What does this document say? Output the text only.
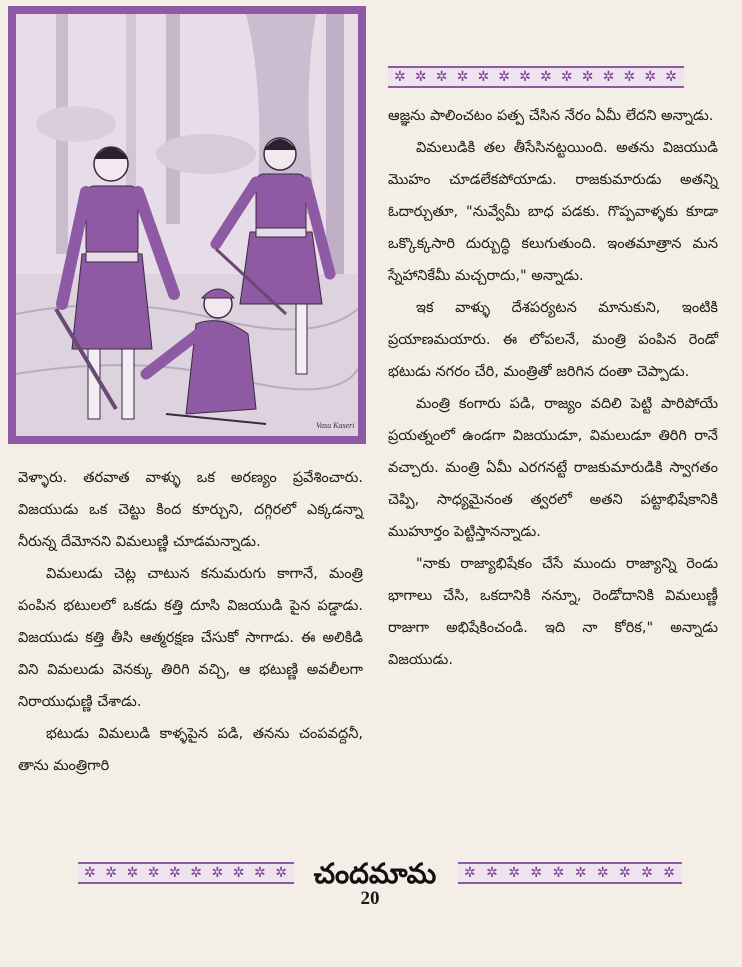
Vasu Kaseri
✲ ✲ ✲ ✲ ✲ ✲ ✲ ✲ ✲ ✲ ✲ ✲ ✲ ✲

ఆజ్ఞను పాలించటం పత్ప చేసిన నేరం ఏమీ లేదని అన్నాడు.

విమలుడికి తల తీసేసినట్టయింది. అతను విజయుడి మొహం చూడలేకపోయాడు. రాజకుమారుడు అతన్ని ఓదార్చుతూ, "నువ్వేమీ బాధ పడకు. గొప్పవాళ్ళకు కూడా ఒక్కొక్కసారి దుర్బుద్ధి కలుగుతుంది. ఇంతమాత్రాన మన స్నేహానికేమీ మచ్చరాదు," అన్నాడు.

ఇక వాళ్ళు దేశపర్యటన మానుకుని, ఇంటికి ప్రయాణమయారు. ఈ లోపలనే, మంత్రి పంపిన రెండో భటుడు నగరం చేరి, మంత్రితో జరిగిన దంతా చెప్పాడు.

మంత్రి కంగారు పడి, రాజ్యం వదిలి పెట్టి పారిపోయే ప్రయత్నంలో ఉండగా విజయుడూ, విమలుడూ తిరిగి రానే వచ్చారు. మంత్రి ఏమీ ఎరగనట్టే రాజకుమారుడికి స్వాగతం చెప్పి, సాధ్యమైనంత త్వరలో అతని పట్టాభిషేకానికి ముహూర్తం పెట్టిస్తానన్నాడు.

"నాకు రాజ్యాభిషేకం చేసే ముందు రాజ్యాన్ని రెండు భాగాలు చేసి, ఒకదానికి నన్నూ, రెండోదానికి విమలుణ్ణీ రాజుగా అభిషేకించండి. ఇది నా కోరిక," అన్నాడు విజయుడు.

వెళ్ళారు. తరవాత వాళ్ళు ఒక అరణ్యం ప్రవేశించారు. విజయుడు ఒక చెట్టు కింద కూర్చుని, దగ్గిరలో ఎక్కడన్నా నీరున్న దేమోనని విమలుణ్ణి చూడమన్నాడు.

విమలుడు చెట్ల చాటున కనుమరుగు కాగానే, మంత్రి పంపిన భటులలో ఒకడు కత్తి దూసి విజయుడి పైన పడ్డాడు. విజయుడు కత్తి తీసి ఆత్మరక్షణ చేసుకో సాగాడు. ఈ అలికిడి విని విమలుడు వెనక్కు తిరిగి వచ్చి, ఆ భటుణ్ణి అవలీలగా నిరాయుధుణ్ణి చేశాడు.

భటుడు విమలుడి కాళ్ళపైన పడి, తనను చంపవద్దనీ, తాను మంత్రిగారి

✲ ✲ ✲ ✲ ✲ ✲ ✲ ✲ ✲ ✲ చందమామ	✲ ✲ ✲ ✲ ✲ ✲ ✲ ✲ ✲ ✲
20
